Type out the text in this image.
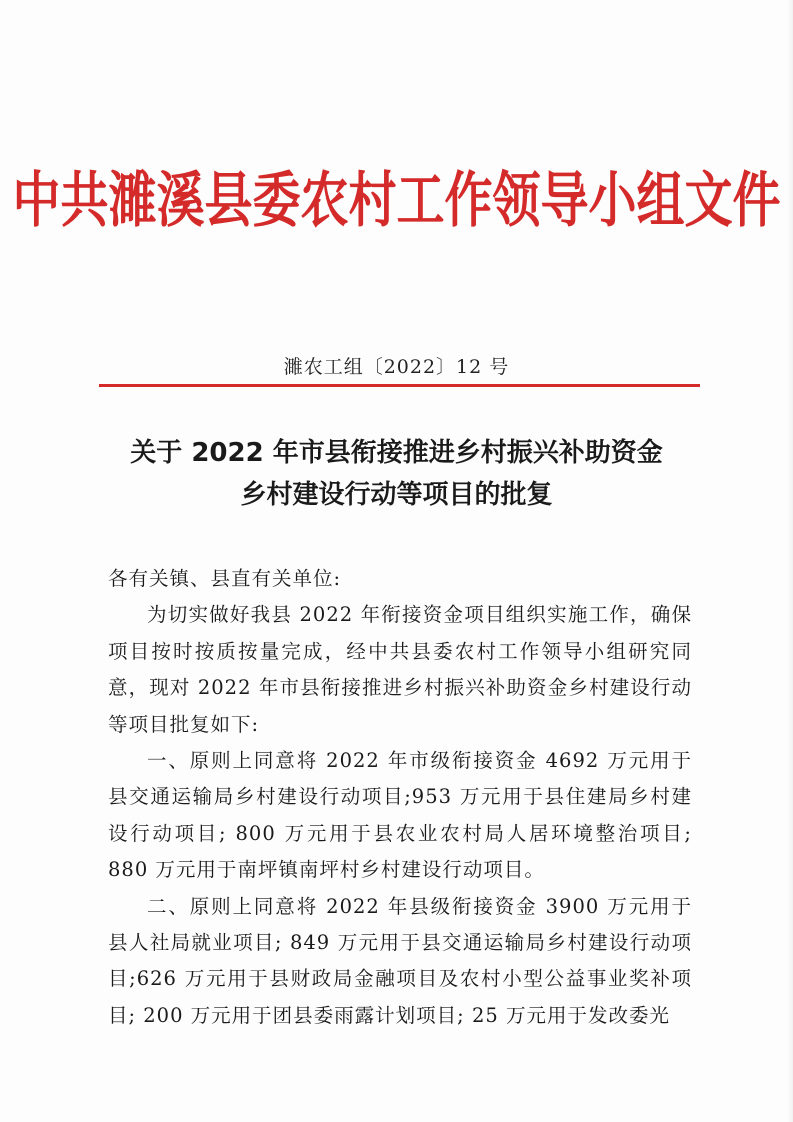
中共濉溪县委农村工作领导小组文件
濉农工组〔2022〕12 号
关于 2022 年市县衔接推进乡村振兴补助资金
乡村建设行动等项目的批复

各有关镇、县直有关单位:

为切实做好我县 2022 年衔接资金项目组织实施工作，确保项目按时按质按量完成，经中共县委农村工作领导小组研究同意，现对 2022 年市县衔接推进乡村振兴补助资金乡村建设行动等项目批复如下:

一、原则上同意将 2022 年市级衔接资金 4692 万元用于县交通运输局乡村建设行动项目;953 万元用于县住建局乡村建设行动项目; 800 万元用于县农业农村局人居环境整治项目; 880 万元用于南坪镇南坪村乡村建设行动项目。

二、原则上同意将 2022 年县级衔接资金 3900 万元用于县人社局就业项目; 849 万元用于县交通运输局乡村建设行动项目;626 万元用于县财政局金融项目及农村小型公益事业奖补项目; 200 万元用于团县委雨露计划项目; 25 万元用于发改委光
